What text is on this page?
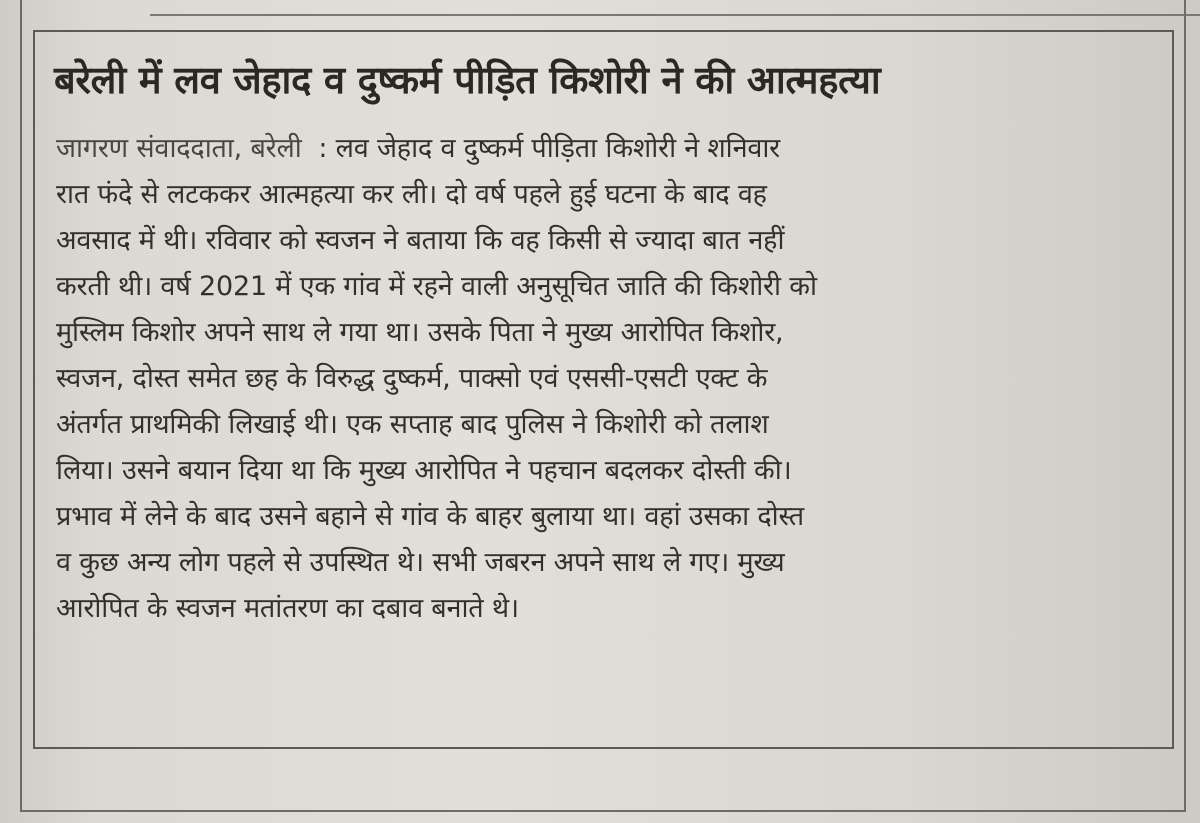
बरेली में लव जेहाद व दुष्कर्म पीड़ित किशोरी ने की आत्महत्या
जागरण संवाददाता, बरेली : लव जेहाद व दुष्कर्म पीड़िता किशोरी ने शनिवार
रात फंदे से लटककर आत्महत्या कर ली। दो वर्ष पहले हुई घटना के बाद वह
अवसाद में थी। रविवार को स्वजन ने बताया कि वह किसी से ज्यादा बात नहीं
करती थी। वर्ष 2021 में एक गांव में रहने वाली अनुसूचित जाति की किशोरी को
मुस्लिम किशोर अपने साथ ले गया था। उसके पिता ने मुख्य आरोपित किशोर,
स्वजन, दोस्त समेत छह के विरुद्ध दुष्कर्म, पाक्सो एवं एससी-एसटी एक्ट के
अंतर्गत प्राथमिकी लिखाई थी। एक सप्ताह बाद पुलिस ने किशोरी को तलाश
लिया। उसने बयान दिया था कि मुख्य आरोपित ने पहचान बदलकर दोस्ती की।
प्रभाव में लेने के बाद उसने बहाने से गांव के बाहर बुलाया था। वहां उसका दोस्त
व कुछ अन्य लोग पहले से उपस्थित थे। सभी जबरन अपने साथ ले गए। मुख्य
आरोपित के स्वजन मतांतरण का दबाव बनाते थे।
